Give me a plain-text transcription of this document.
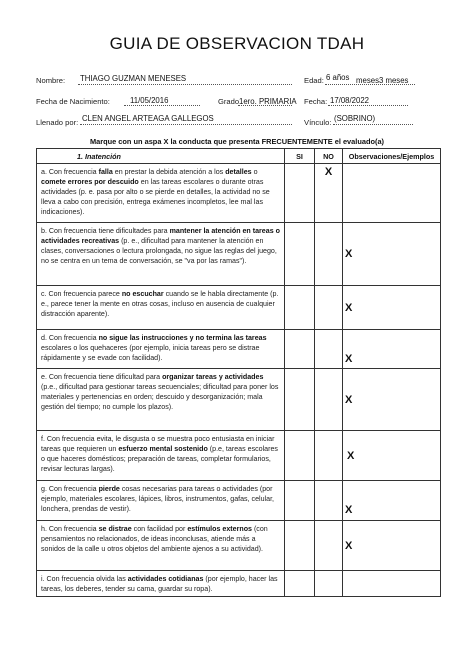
GUIA DE OBSERVACION TDAH
Nombre: THIAGO GUZMAN MENESES	Edad: 6 años meses3 meses
Fecha de Nacimiento:	11/05/2016	Grado 1ero. PRIMARIA Fecha: 17/08/2022
Llenado por: CLEN ANGEL ARTEAGA GALLEGOS	Vínculo: (SOBRINO)
Marque con un aspa X la conducta que presenta FRECUENTEMENTE el evaluado(a)
1. Inatención	SI	NO	Observaciones/Ejemplos

a. Con frecuencia falla en prestar la debida atención a los detalles o comete errores por descuido en las tareas escolares o durante otras actividades (p. e. pasa por alto o se pierde en detalles, la actividad no se lleva a cabo con precisión, entrega exámenes incompletos, lee mal las indicaciones).		X	

b. Con frecuencia tiene dificultades para mantener la atención en tareas o actividades recreativas (p. e., dificultad para mantener la atención en clases, conversaciones o lectura prolongada, no sigue las reglas del juego, no se centra en un tema de conversación, se "va por las ramas").			X

c. Con frecuencia parece no escuchar cuando se le habla directamente (p. e., parece tener la mente en otras cosas, incluso en ausencia de cualquier distracción aparente).			X

d. Con frecuencia no sigue las instrucciones y no termina las tareas escolares o los quehaceres (por ejemplo, inicia tareas pero se distrae rápidamente y se evade con facilidad).			X

e. Con frecuencia tiene dificultad para organizar tareas y actividades (p.e., dificultad para gestionar tareas secuenciales; dificultad para poner los materiales y pertenencias en orden; descuido y desorganización; mala gestión del tiempo; no cumple los plazos).			X

f. Con frecuencia evita, le disgusta o se muestra poco entusiasta en iniciar tareas que requieren un esfuerzo mental sostenido (p.e, tareas escolares o que haceres domésticos; preparación de tareas, completar formularios, revisar lecturas largas).			X

g. Con frecuencia pierde cosas necesarias para tareas o actividades (por ejemplo, materiales escolares, lápices, libros, instrumentos, gafas, celular, lonchera, prendas de vestir).			X

h. Con frecuencia se distrae con facilidad por estímulos externos (con pensamientos no relacionados, de ideas inconclusas, atiende más a sonidos de la calle u otros objetos del ambiente ajenos a su actividad).			X

i. Con frecuencia olvida las actividades cotidianas (por ejemplo, hacer las tareas, los deberes, tender su cama, guardar su ropa).			
